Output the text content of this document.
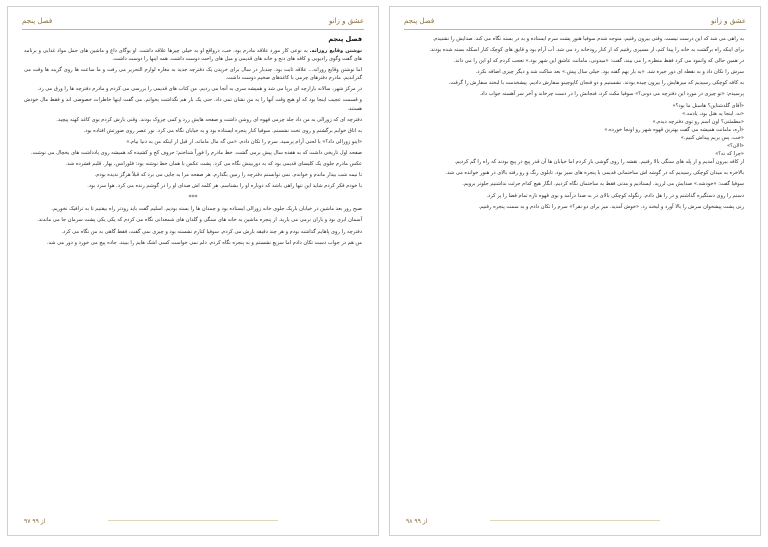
عشق و زانو
فصل پنجم
فصل پنجم

نوشتن وقایع روزانه. به نوعی کار مورد علاقه مادرم بود. خب، درواقع او به خیلی چیزها علاقه داشت. او یوگای داغ و ماشین های حمل مواد غذایی و برنامه های گفت وگوی رادیویی و کافه های دنج و خانه های قدیمی و مبل های راحت دوست داشت. همه اینها را دوست داشت.

اما نوشتن وقایع روزانه... علاقه ثابت بود. چندبار در سال برای خریدن یک دفترچه جدید به مغازه لوازم التحریر می رفت و ما ساعت ها روی گزینه ها وقت می گذراندیم. مادرم دفترهای چرمی با کاغذهای ضخیم دوست داشت.

در مرکز شهر، سالانه بازارچه ای برپا می شد و همیشه سری به آنجا می زدیم. من کتاب های قدیمی را بررسی می کردم و مادرم دفترچه ها را ورق می زد.

و قسمت عجیب اینجا بود که او هیچ وقت آنها را به من نشان نمی داد. حتی یک بار هم نگذاشت بخوانم. می گفت اینها خاطرات خصوصی اند و فقط مال خودش هستند.

دفترچه ای که ژوزالی به من داد جلد چرمی قهوه ای روشن داشت و صفحه هایش زرد و کمی چروک بودند. وقتی بازش کردم بوی کاغذ کهنه پیچید.

به اتاق خوابم برگشتم و روی تخت نشستم. سوفیا کنار پنجره ایستاده بود و به خیابان نگاه می کرد. نور عصر روی صورتش افتاده بود.

«اینو ژوزالی داد؟» با لحنی آرام پرسید. سرم را تکان دادم. «می گه مال مامانه. از قبل از اینکه من به دنیا بیام.»

صفحه اول تاریخی داشت که به هفده سال پیش برمی گشت. خط مادرم را فوراً شناختم؛ حروف کج و کشیده که همیشه روی یادداشت های یخچال می نوشت.

عکس مادرم جلوی یک کلیسای قدیمی بود که به دوربینش نگاه می کرد. پشت عکس با همان خط نوشته بود: فلورانس، بهار. قلبم فشرده شد.

تا نیمه شب بیدار ماندم و خواندم. نمی توانستم دفترچه را زمین بگذارم. هر صفحه مرا به جایی می برد که قبلاً هرگز ندیده بودم.

با خودم فکر کردم شاید این تنها راهی باشد که دوباره او را بشناسم. هر کلمه اش صدای او را در گوشم زنده می کرد. هوا سرد بود.

***

صبح روز بعد ماشین در خیابان باریک جلوی خانه ژوزالی ایستاده بود و چمدان ها را بسته بودیم. اسلیم گفت باید زودتر راه بیفتیم تا به ترافیک نخوریم.

آسمان ابری بود و باران نرمی می بارید. از پنجره ماشین به خانه های سنگی و گلدان های شمعدانی نگاه می کردم که یکی یکی پشت سرمان جا می ماندند.

دفترچه را روی پاهایم گذاشته بودم و هر چند دقیقه بازش می کردم. سوفیا کنارم نشسته بود و چیزی نمی گفت، فقط گاهی به من نگاه می کرد.

من هم در جواب دست تکان دادم اما سریع نشستم و به پنجره نگاه کردم. دلم نمی خواست کسی اشک هایم را ببیند. جاده پیچ می خورد و دور می شد.

۹۷ از ۹۹
عشق و زانو
فصل پنجم

به راهی می شد که این درست نیست. وقتی بیرون رفتیم، متوجه شدم سوفیا هنوز پشت سرم ایستاده و به در بسته نگاه می کند. صدایش را نشنیدم.

برای اینکه راه برگشت به خانه را پیدا کنم، از مسیری رفتیم که از کنار رودخانه رد می شد. آب آرام بود و قایق های کوچک کنار اسکله بسته شده بودند.

در همین حالی که وانمود می کرد فقط منظره را می بیند، گفت: «میدونی، مامانت عاشق این شهر بود.» تعجب کردم که او این را می داند.

سرش را تکان داد و به نقطه ای دور خیره شد. «یه بار بهم گفته بود. خیلی سال پیش.» بعد ساکت شد و دیگر چیزی اضافه نکرد.

به کافه کوچکی رسیدیم که میزهایش را بیرون چیده بودند. نشستیم و دو فنجان کاپوچینو سفارش دادیم. پیشخدمت با لبخند سفارش را گرفت.

پرسیدم: «تو چیزی در مورد این دفترچه می دونی؟» سوفیا مکث کرد، فنجانش را در دست چرخاند و آخر سر آهسته جواب داد.

«آقای گلدشتاین؟ هاستل ما بود؟»
«نه، اینجا یه هتل بود، یادمه.»
«مطمئنی؟ اون اسم رو توی دفترچه دیدم.»
«آره، مامانت همیشه می گفت بهترین قهوه شهر رو اونجا خورده.»
«خب، پس بریم پیداش کنیم.»
«الان؟»
«چرا که نه؟»

از کافه بیرون آمدیم و از پله های سنگی بالا رفتیم. نقشه را روی گوشی باز کردم اما خیابان ها آن قدر پیچ در پیچ بودند که راه را گم کردیم.

بالاخره به میدان کوچکی رسیدیم که در گوشه اش ساختمانی قدیمی با پنجره های سبز بود. تابلوی رنگ و رو رفته بالای در هنوز خوانده می شد.

سوفیا گفت: «خودشه.» صدایش می لرزید. ایستادیم و مدتی فقط به ساختمان نگاه کردیم. انگار هیچ کدام جرئت نداشتیم جلوتر برویم.

دستم را روی دستگیره گذاشتم و در را هل دادم. زنگوله کوچکی بالای در به صدا درآمد و بوی قهوه تازه تمام فضا را پر کرد.

زنی پشت پیشخوان سرش را بالا آورد و لبخند زد. «خوش آمدید. میز برای دو نفر؟» سرم را تکان دادم و به سمت پنجره رفتیم.

۹۸ از ۹۹
